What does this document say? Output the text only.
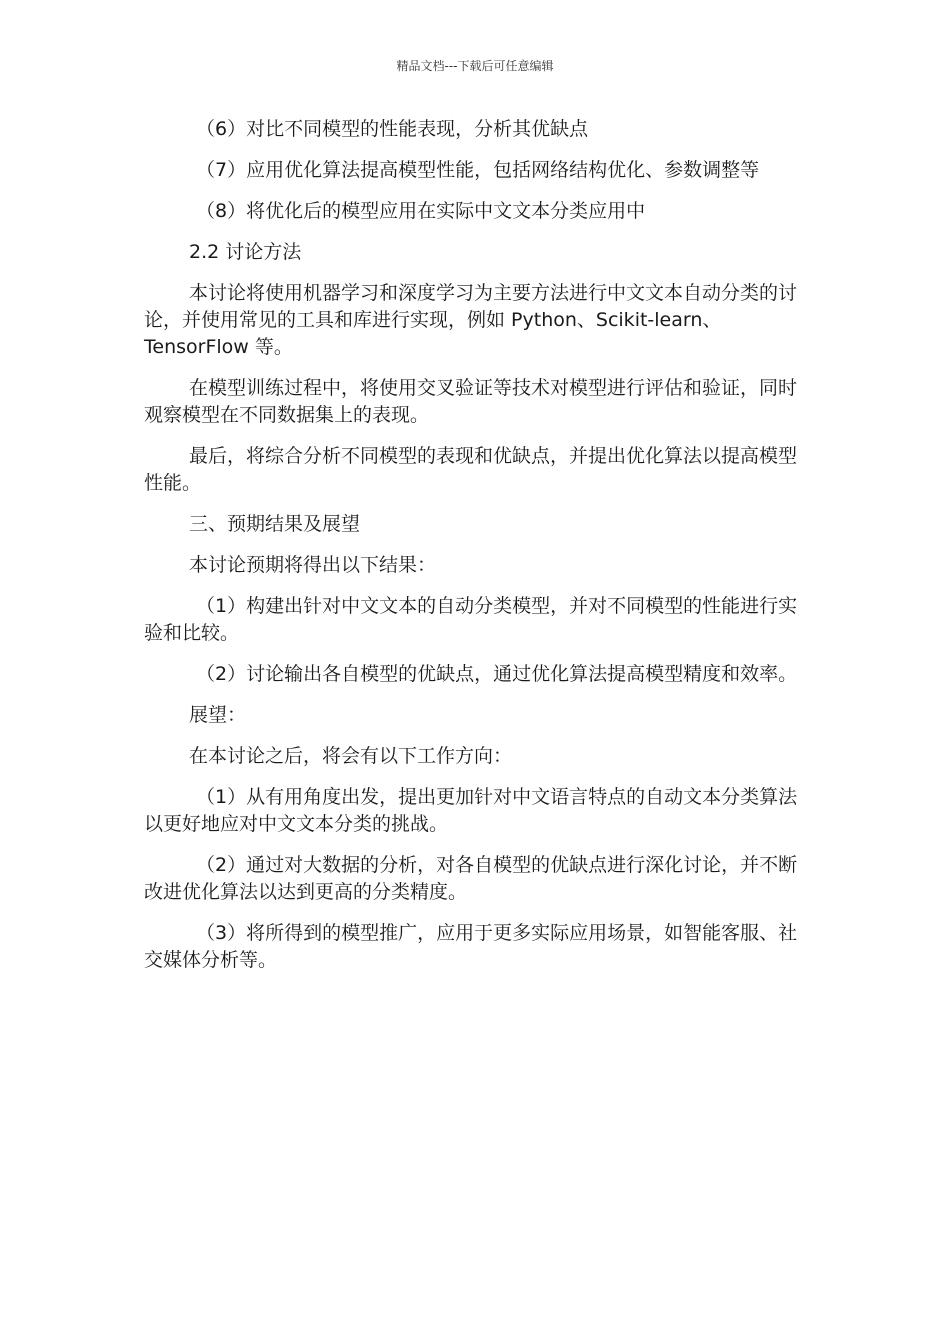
精品文档---下载后可任意编辑

（6）对比不同模型的性能表现，分析其优缺点

（7）应用优化算法提高模型性能，包括网络结构优化、参数调整等

（8）将优化后的模型应用在实际中文文本分类应用中

2.2 讨论方法

本讨论将使用机器学习和深度学习为主要方法进行中文文本自动分类的讨论，并使用常见的工具和库进行实现，例如 Python、Scikit-learn、TensorFlow 等。

在模型训练过程中，将使用交叉验证等技术对模型进行评估和验证，同时观察模型在不同数据集上的表现。

最后，将综合分析不同模型的表现和优缺点，并提出优化算法以提高模型性能。

三、预期结果及展望

本讨论预期将得出以下结果：

（1）构建出针对中文文本的自动分类模型，并对不同模型的性能进行实验和比较。

（2）讨论输出各自模型的优缺点，通过优化算法提高模型精度和效率。

展望：

在本讨论之后，将会有以下工作方向：

（1）从有用角度出发，提出更加针对中文语言特点的自动文本分类算法以更好地应对中文文本分类的挑战。

（2）通过对大数据的分析，对各自模型的优缺点进行深化讨论，并不断改进优化算法以达到更高的分类精度。

（3）将所得到的模型推广，应用于更多实际应用场景，如智能客服、社交媒体分析等。
